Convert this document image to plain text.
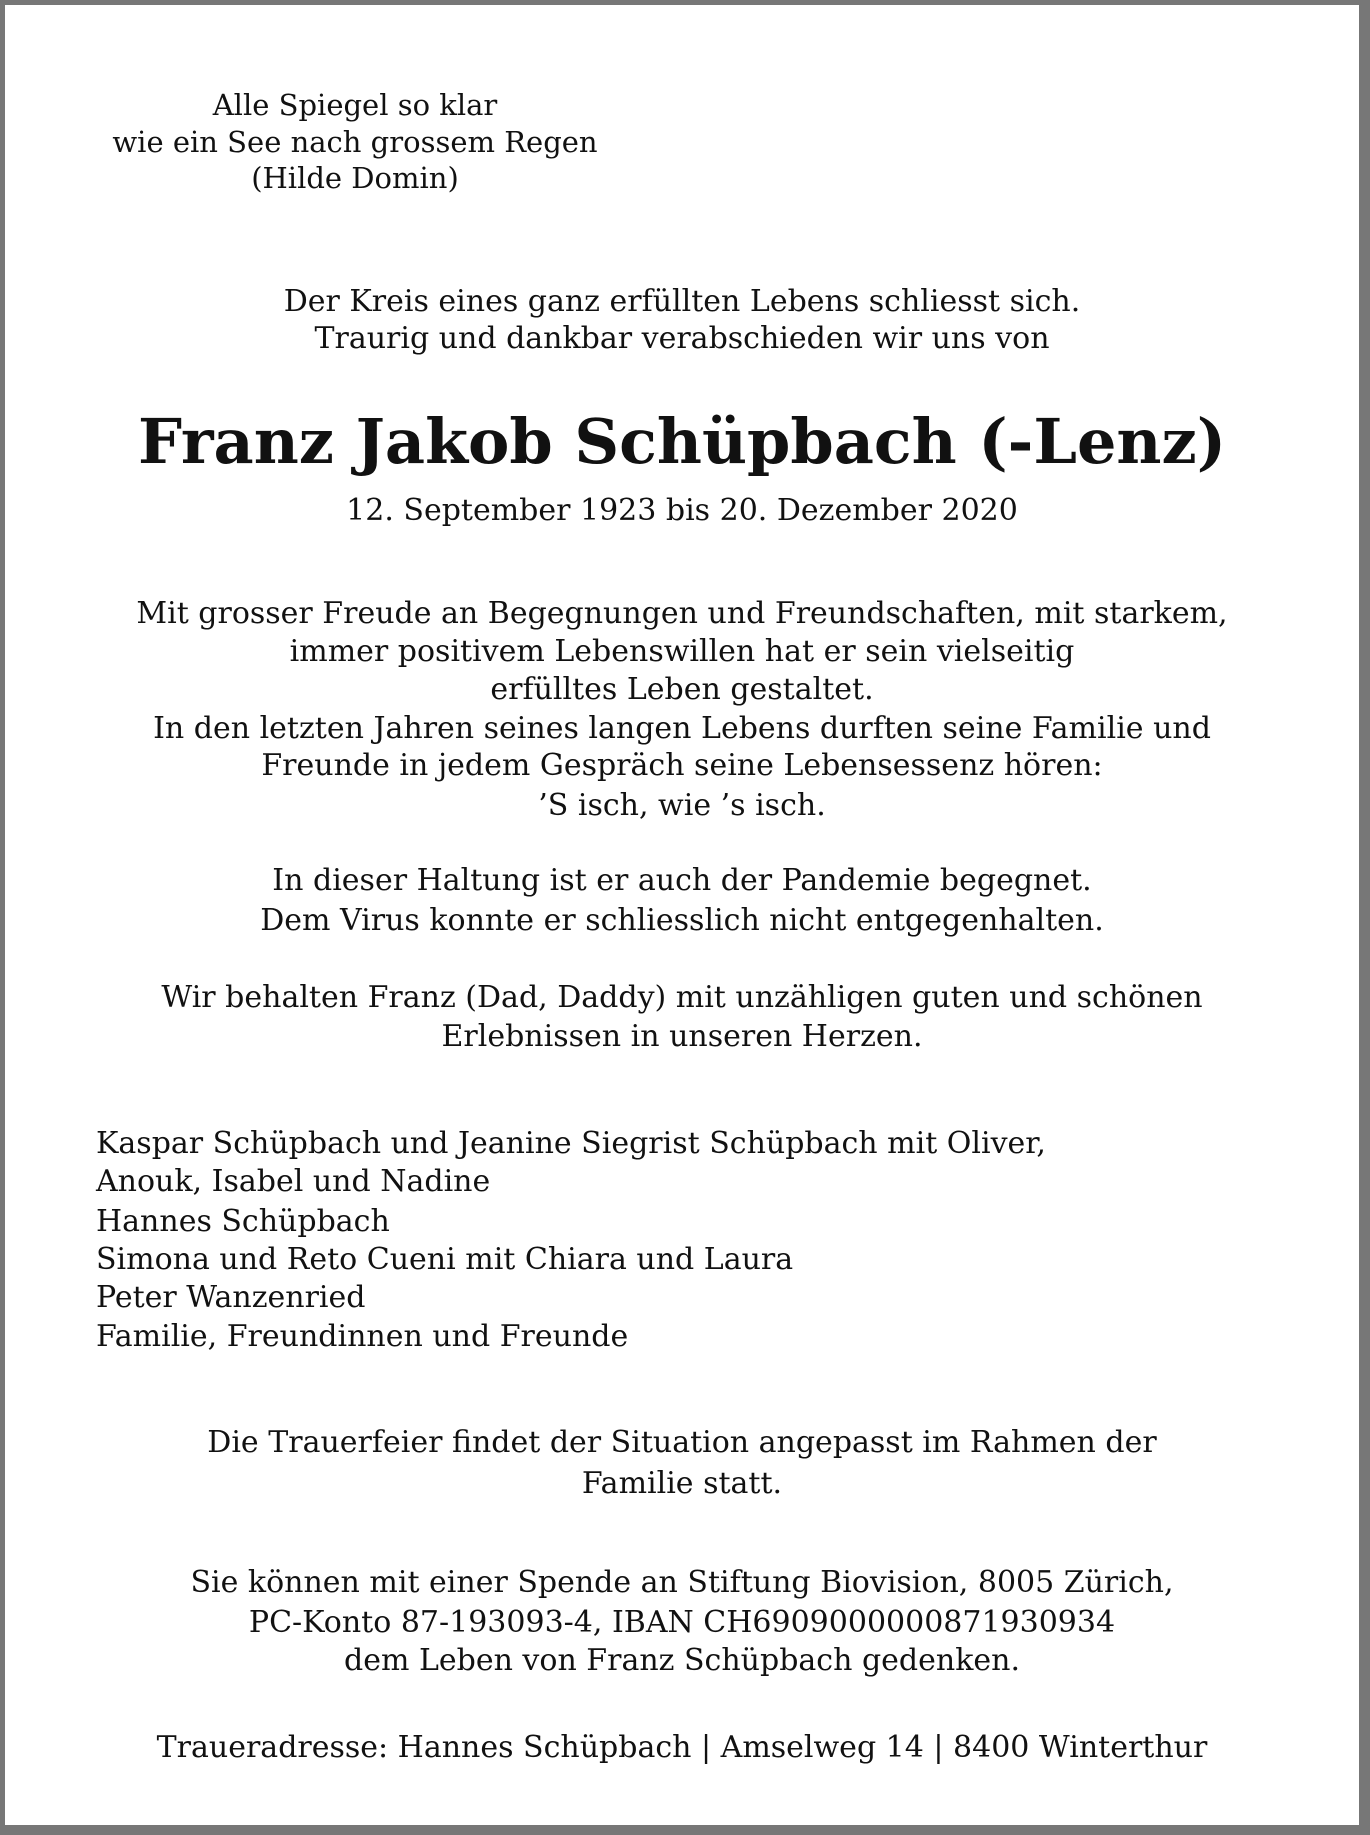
Alle Spiegel so klar
wie ein See nach grossem Regen
(Hilde Domin)
Der Kreis eines ganz erfüllten Lebens schliesst sich.
Traurig und dankbar verabschieden wir uns von
Franz Jakob Schüpbach (-Lenz)
12. September 1923 bis 20. Dezember 2020
Mit grosser Freude an Begegnungen und Freundschaften, mit starkem,
immer positivem Lebenswillen hat er sein vielseitig
erfülltes Leben gestaltet.
In den letzten Jahren seines langen Lebens durften seine Familie und
Freunde in jedem Gespräch seine Lebensessenz hören:
’S isch, wie ’s isch.
In dieser Haltung ist er auch der Pandemie begegnet.
Dem Virus konnte er schliesslich nicht entgegenhalten.
Wir behalten Franz (Dad, Daddy) mit unzähligen guten und schönen
Erlebnissen in unseren Herzen.
Kaspar Schüpbach und Jeanine Siegrist Schüpbach mit Oliver,
Anouk, Isabel und Nadine
Hannes Schüpbach
Simona und Reto Cueni mit Chiara und Laura
Peter Wanzenried
Familie, Freundinnen und Freunde
Die Trauerfeier findet der Situation angepasst im Rahmen der
Familie statt.
Sie können mit einer Spende an Stiftung Biovision, 8005 Zürich,
PC-Konto 87-193093-4, IBAN CH6909000000871930934
dem Leben von Franz Schüpbach gedenken.
Traueradresse: Hannes Schüpbach | Amselweg 14 | 8400 Winterthur
